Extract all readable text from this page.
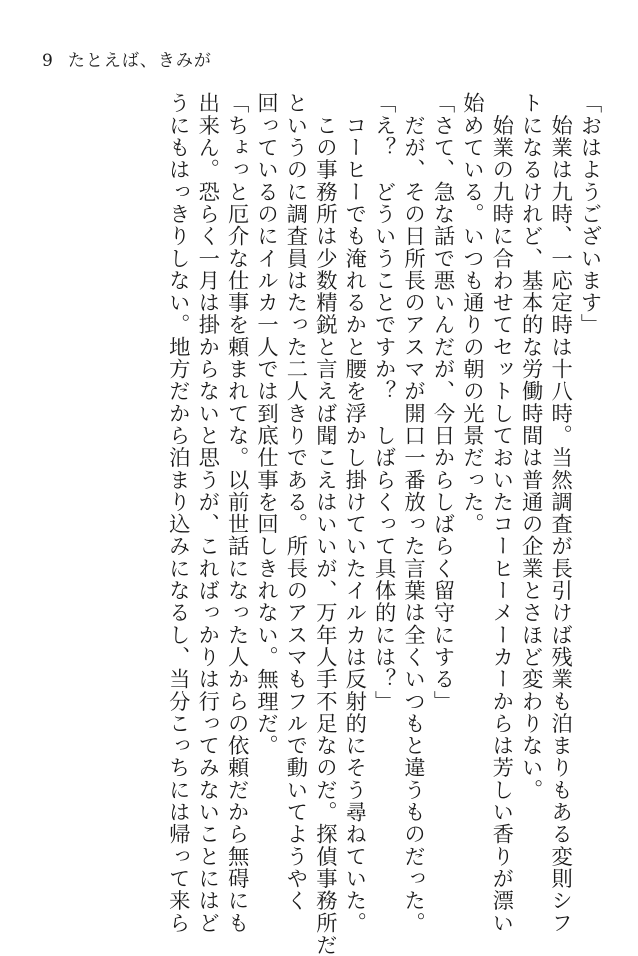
9 たとえば、きみが

「おはようございます」

　始業は九時、一応定時は十八時。当然調査が長引けば残業も泊まりもある変則シフ

トになるけれど、基本的な労働時間は普通の企業とさほど変わりない。

　始業の九時に合わせてセットしておいたコーヒーメーカーからは芳しい香りが漂い

始めている。いつも通りの朝の光景だった。

「さて、急な話で悪いんだが、今日からしばらく留守にする」

　だが、その日所長のアスマが開口一番放った言葉は全くいつもと違うものだった。

「え？　どういうことですか？　しばらくって具体的には？」

　コーヒーでも淹れるかと腰を浮かし掛けていたイルカは反射的にそう尋ねていた。

　この事務所は少数精鋭と言えば聞こえはいいが、万年人手不足なのだ。探偵事務所だ

というのに調査員はたった二人きりである。所長のアスマもフルで動いてようやく

回っているのにイルカ一人では到底仕事を回しきれない。無理だ。

「ちょっと厄介な仕事を頼まれてな。以前世話になった人からの依頼だから無碍にも

出来ん。恐らく一月は掛からないと思うが、こればっかりは行ってみないことにはど

うにもはっきりしない。地方だから泊まり込みになるし、当分こっちには帰って来ら
